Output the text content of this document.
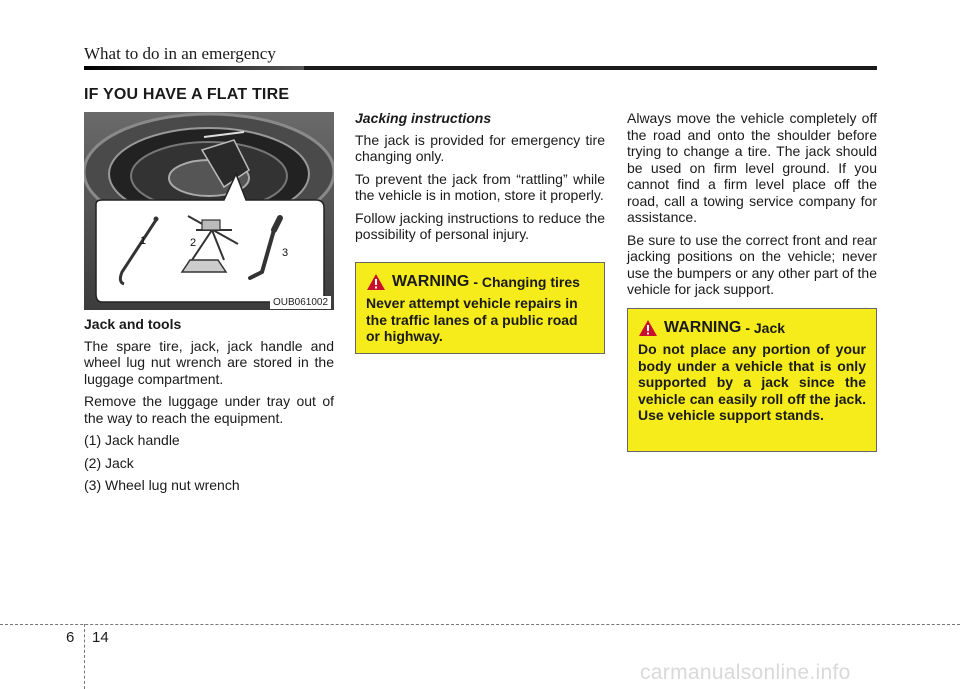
What to do in an emergency
IF YOU HAVE A FLAT TIRE
1	2
3
OUB061002
Jack and tools

The spare tire, jack, jack handle and wheel lug nut wrench are stored in the luggage compartment.

Remove the luggage under tray out of the way to reach the equipment.

(1) Jack handle

(2) Jack

(3) Wheel lug nut wrench

Jacking instructions

The jack is provided for emergency tire changing only.

To prevent the jack from “rattling” while the vehicle is in motion, store it properly.

Follow jacking instructions to reduce the possibility of personal injury.

WARNING - Changing tires
Never attempt vehicle repairs in the traffic lanes of a public road or highway.

Always move the vehicle completely off the road and onto the shoulder before trying to change a tire. The jack should be used on firm level ground. If you cannot find a firm level place off the road, call a towing service company for assistance.

Be sure to use the correct front and rear jacking positions on the vehicle; never use the bumpers or any other part of the vehicle for jack support.

WARNING - Jack
Do not place any portion of your body under a vehicle that is only supported by a jack since the vehicle can easily roll off the jack. Use vehicle support stands.
6 14
carmanualsonline.info
